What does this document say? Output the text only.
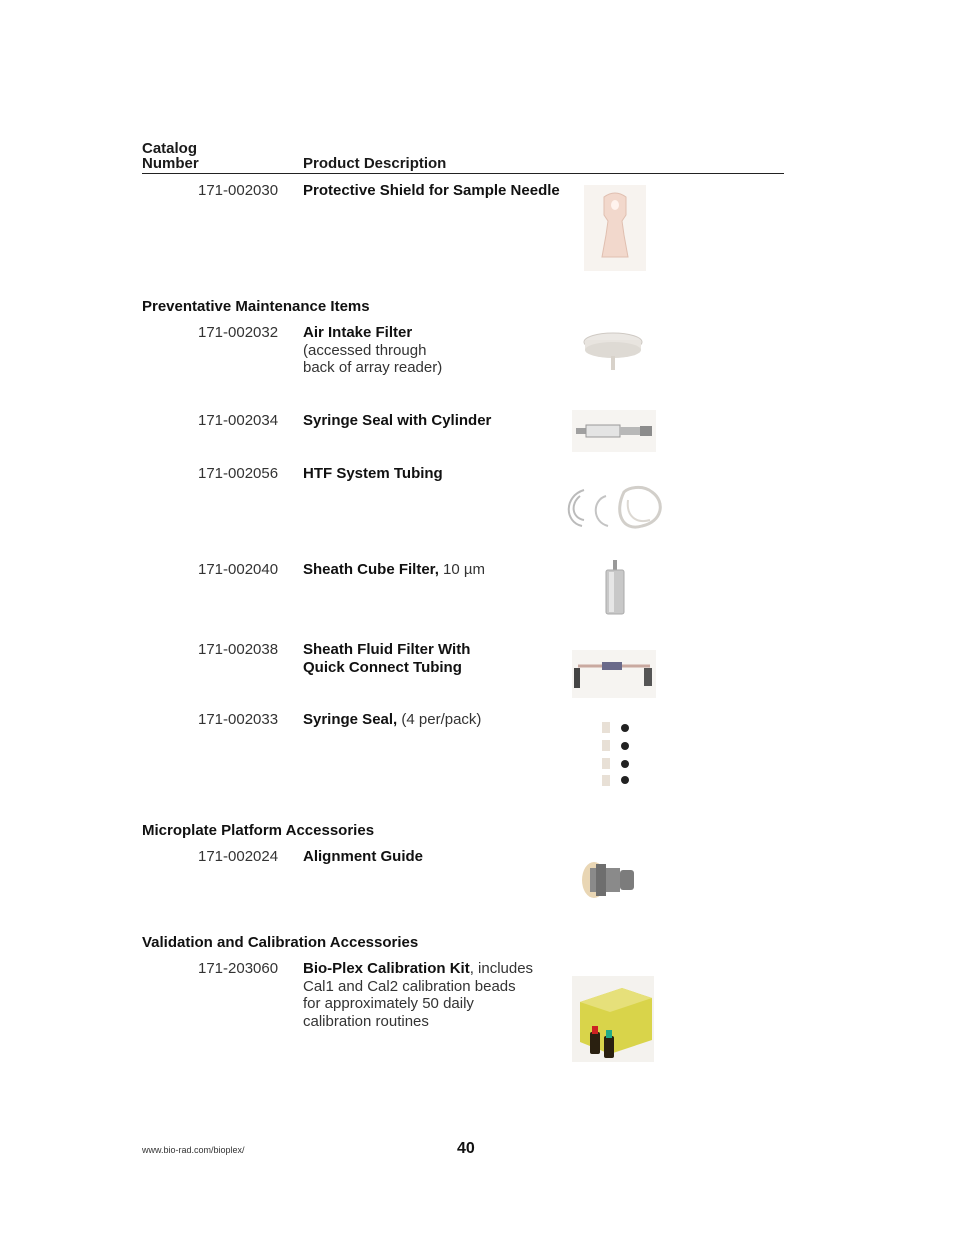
Catalog
Number	Product Description
171-002030 Protective Shield for Sample Needle
Preventative Maintenance Items
171-002032 Air Intake Filter
(accessed through
back of array reader)
171-002034 Syringe Seal with Cylinder
171-002056 HTF System Tubing
171-002040 Sheath Cube Filter, 10 µm
171-002038 Sheath Fluid Filter With
Quick Connect Tubing
171-002033 Syringe Seal, (4 per/pack)
Microplate Platform Accessories
171-002024 Alignment Guide
Validation and Calibration Accessories
171-203060 Bio-Plex Calibration Kit, includes
Cal1 and Cal2 calibration beads
for approximately 50 daily
calibration routines
www.bio-rad.com/bioplex/	40
